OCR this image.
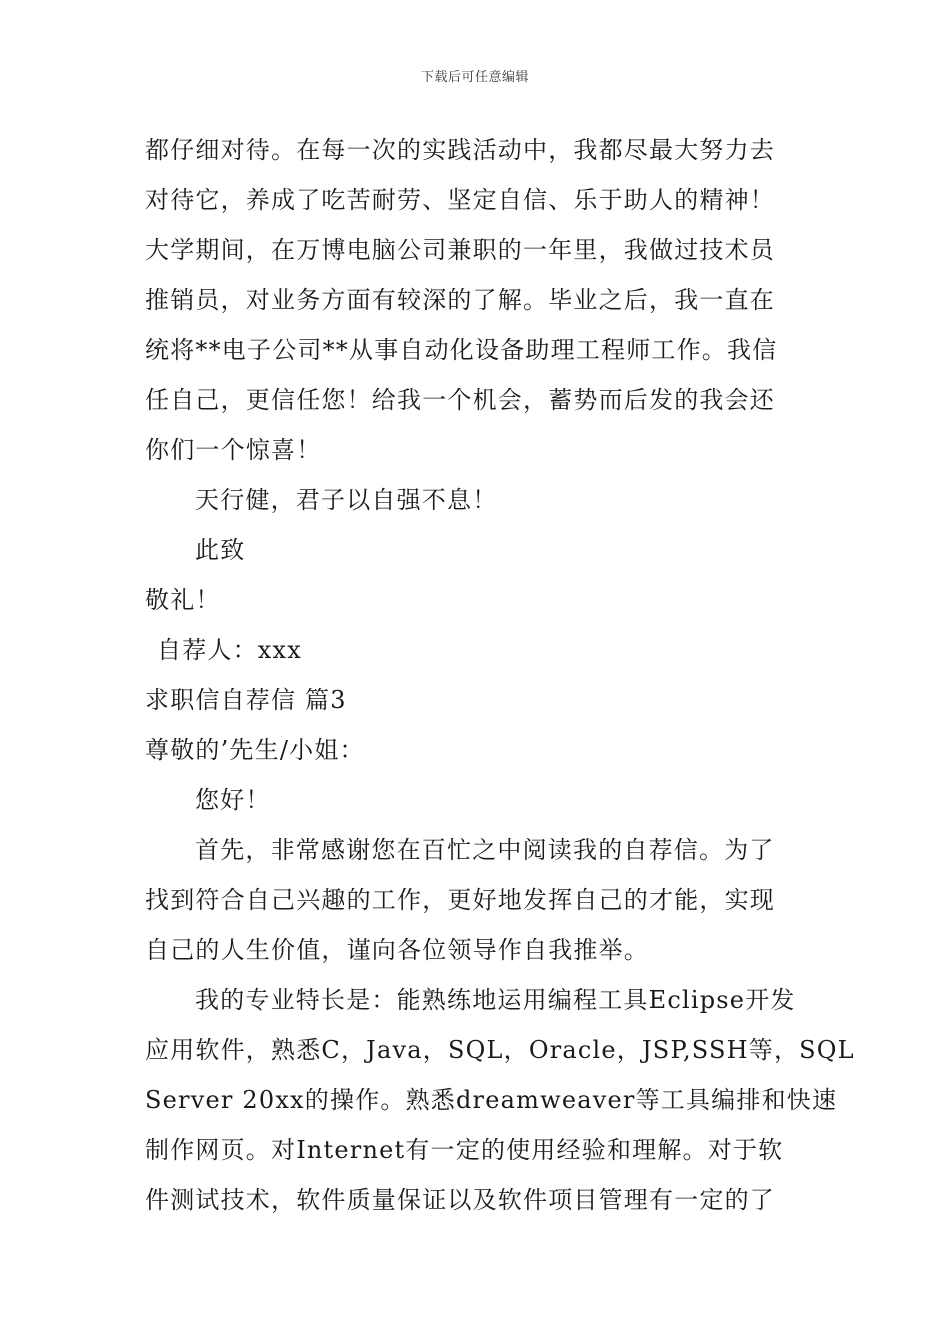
下载后可任意编辑
都仔细对待。在每一次的实践活动中，我都尽最大努力去
对待它，养成了吃苦耐劳、坚定自信、乐于助人的精神！
大学期间，在万博电脑公司兼职的一年里，我做过技术员
推销员，对业务方面有较深的了解。毕业之后，我一直在
统将**电子公司**从事自动化设备助理工程师工作。我信
任自己，更信任您！给我一个机会，蓄势而后发的我会还
你们一个惊喜！
天行健，君子以自强不息！
此致
敬礼！
自荐人：xxx
求职信自荐信 篇3
尊敬的’先生/小姐：
您好！
首先，非常感谢您在百忙之中阅读我的自荐信。为了
找到符合自己兴趣的工作，更好地发挥自己的才能，实现
自己的人生价值，谨向各位领导作自我推举。
我的专业特长是：能熟练地运用编程工具Eclipse开发
应用软件，熟悉C，Java，SQL，Oracle，JSP,SSH等，SQL
Server 20xx的操作。熟悉dreamweaver等工具编排和快速
制作网页。对Internet有一定的使用经验和理解。对于软
件测试技术，软件质量保证以及软件项目管理有一定的了
